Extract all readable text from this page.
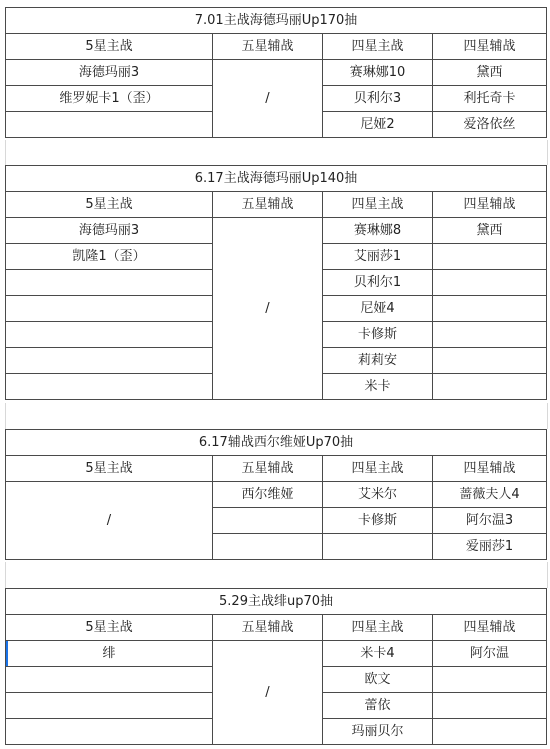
7.01主战海德玛丽Up170抽			
5星主战	五星辅战	四星主战	四星辅战
海德玛丽3	/	赛琳娜10	黛西
维罗妮卡1（歪）		贝利尔3	利托奇卡
		尼娅2	爱洛依丝
6.17主战海德玛丽Up140抽			
5星主战	五星辅战	四星主战	四星辅战
海德玛丽3	/	赛琳娜8	黛西
凯隆1（歪）		艾丽莎1	
		贝利尔1	
		尼娅4	
		卡修斯	
		莉莉安	
		米卡	
6.17辅战西尔维娅Up70抽			
5星主战	五星辅战	四星主战	四星辅战
/	西尔维娅	艾米尔	蔷薇夫人4
		卡修斯	阿尔温3
			爱丽莎1
5.29主战绯up70抽			
5星主战	五星辅战	四星主战	四星辅战
绯	/	米卡4	阿尔温
		欧文	
		蕾依	
		玛丽贝尔	
